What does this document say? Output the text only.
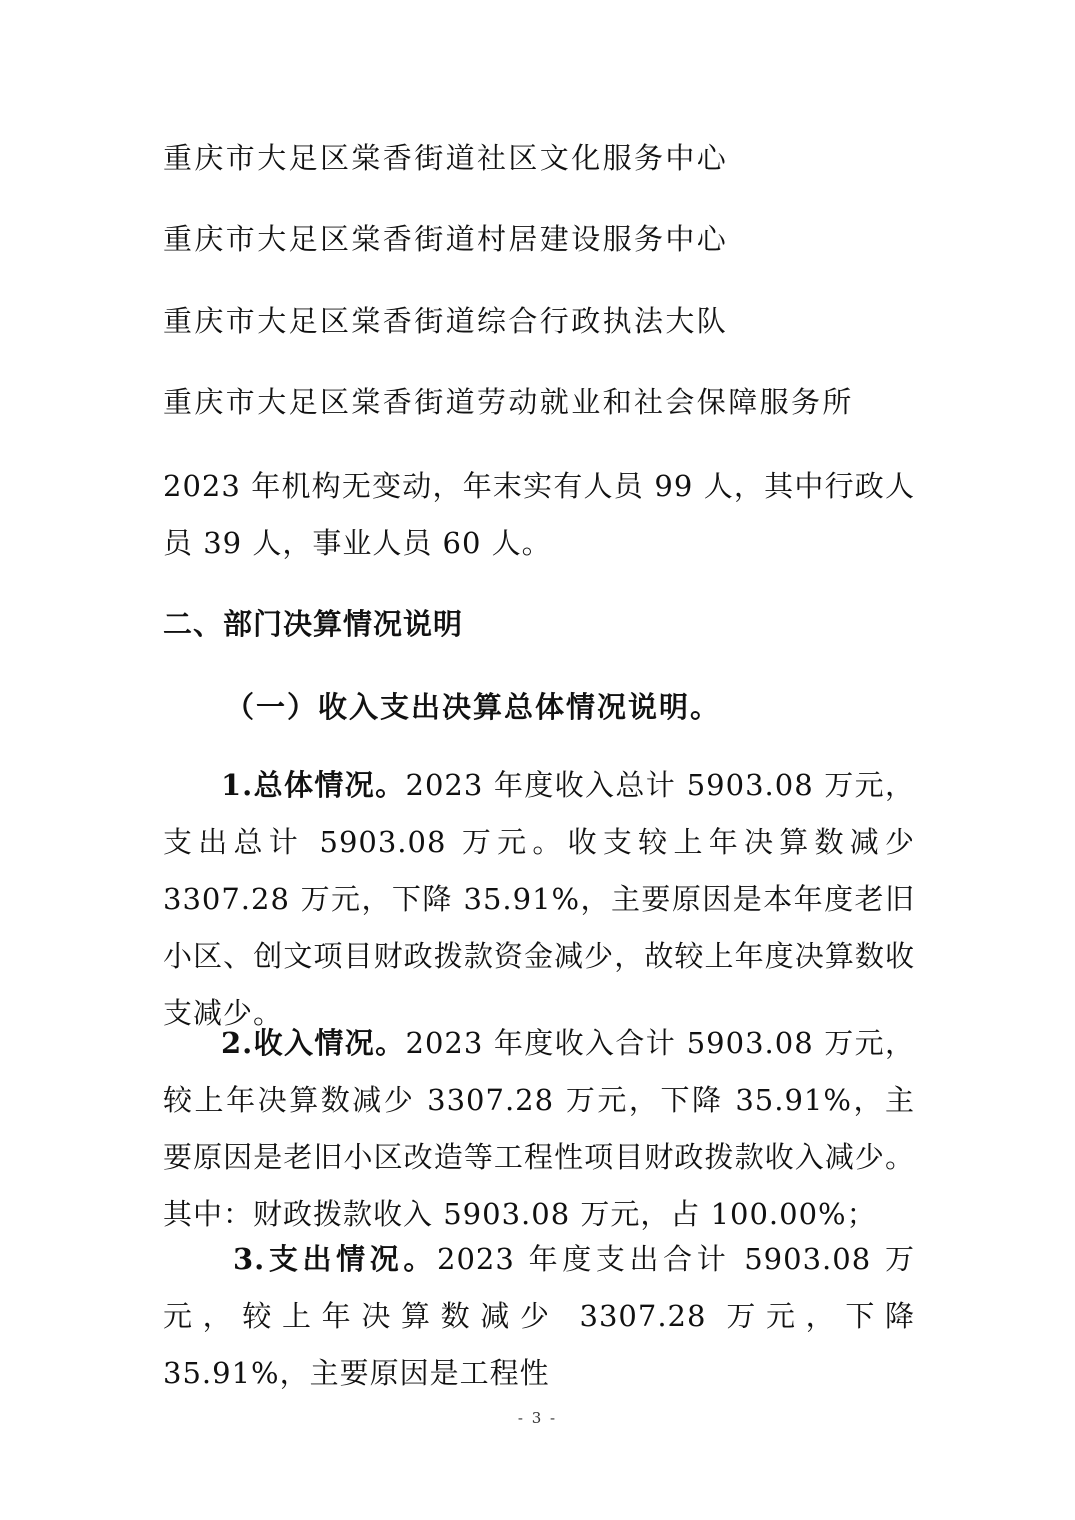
重庆市大足区棠香街道社区文化服务中心
重庆市大足区棠香街道村居建设服务中心
重庆市大足区棠香街道综合行政执法大队
重庆市大足区棠香街道劳动就业和社会保障服务所
2023 年机构无变动，年末实有人员 99 人，其中行政人员 39 人，事业人员 60 人。
二、部门决算情况说明
（一）收入支出决算总体情况说明。
1.总体情况。2023 年度收入总计 5903.08 万元，支出总计 5903.08 万元。收支较上年决算数减少 3307.28 万元，下降 35.91%，主要原因是本年度老旧小区、创文项目财政拨款资金减少，故较上年度决算数收支减少。
2.收入情况。2023 年度收入合计 5903.08 万元，较上年决算数减少 3307.28 万元，下降 35.91%，主要原因是老旧小区改造等工程性项目财政拨款收入减少。其中：财政拨款收入 5903.08 万元，占 100.00%；
3.支出情况。2023 年度支出合计 5903.08 万元，较上年决算数减少 3307.28 万元，下降 35.91%，主要原因是工程性
- 3 -
